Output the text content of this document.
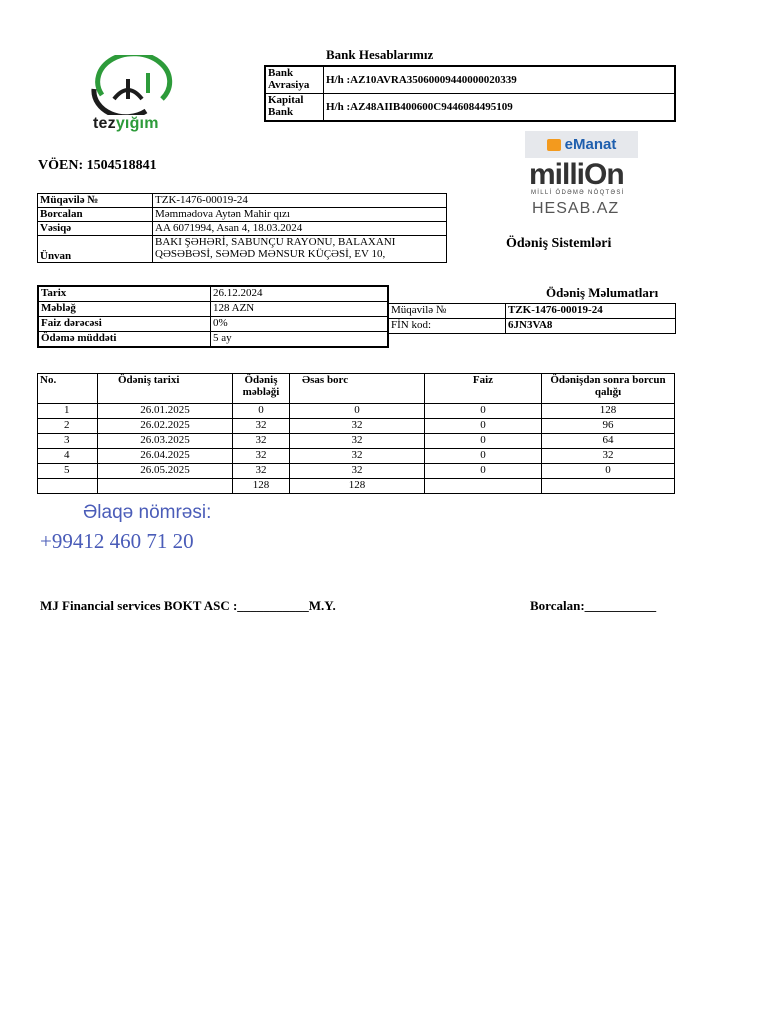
tezyığım
Bank Hesablarımız
Bank Avrasiya	H/h :AZ10AVRA35060009440000020339
Kapital Bank	H/h :AZ48AIIB400600C9446084495109
VÖEN: 1504518841
eManat
milliOn
MİLLİ ÖDƏMƏ NÖQTƏSİ
HESAB.AZ
Ödəniş Sistemləri
Müqavilə №	TZK-1476-00019-24
Borcalan	Məmmədova Aytən Mahir qızı
Vəsiqə	AA 6071994, Asan 4, 18.03.2024
Ünvan	BAKI ŞƏHƏRİ, SABUNÇU RAYONU, BALAXANI
QƏSƏBƏSİ, SƏMƏD MƏNSUR KÜÇƏSİ, EV 10,
Tarix	26.12.2024
Məbləğ	128 AZN
Faiz dərəcəsi	0%
Ödəmə müddəti	5 ay
Ödəniş Məlumatları
Müqavilə №	TZK-1476-00019-24
FİN kod:	6JN3VA8
No.	Ödəniş tarixi	Ödəniş məbləği	Əsas borc	Faiz	Ödənişdən sonra borcun qalığı
1	26.01.2025	0	0	0	128
2	26.02.2025	32	32	0	96
3	26.03.2025	32	32	0	64
4	26.04.2025	32	32	0	32
5	26.05.2025	32	32	0	0
		128	128		
Əlaqə nömrəsi:
+99412 460 71 20
MJ Financial services BOKT ASC :___________M.Y.	Borcalan:___________
